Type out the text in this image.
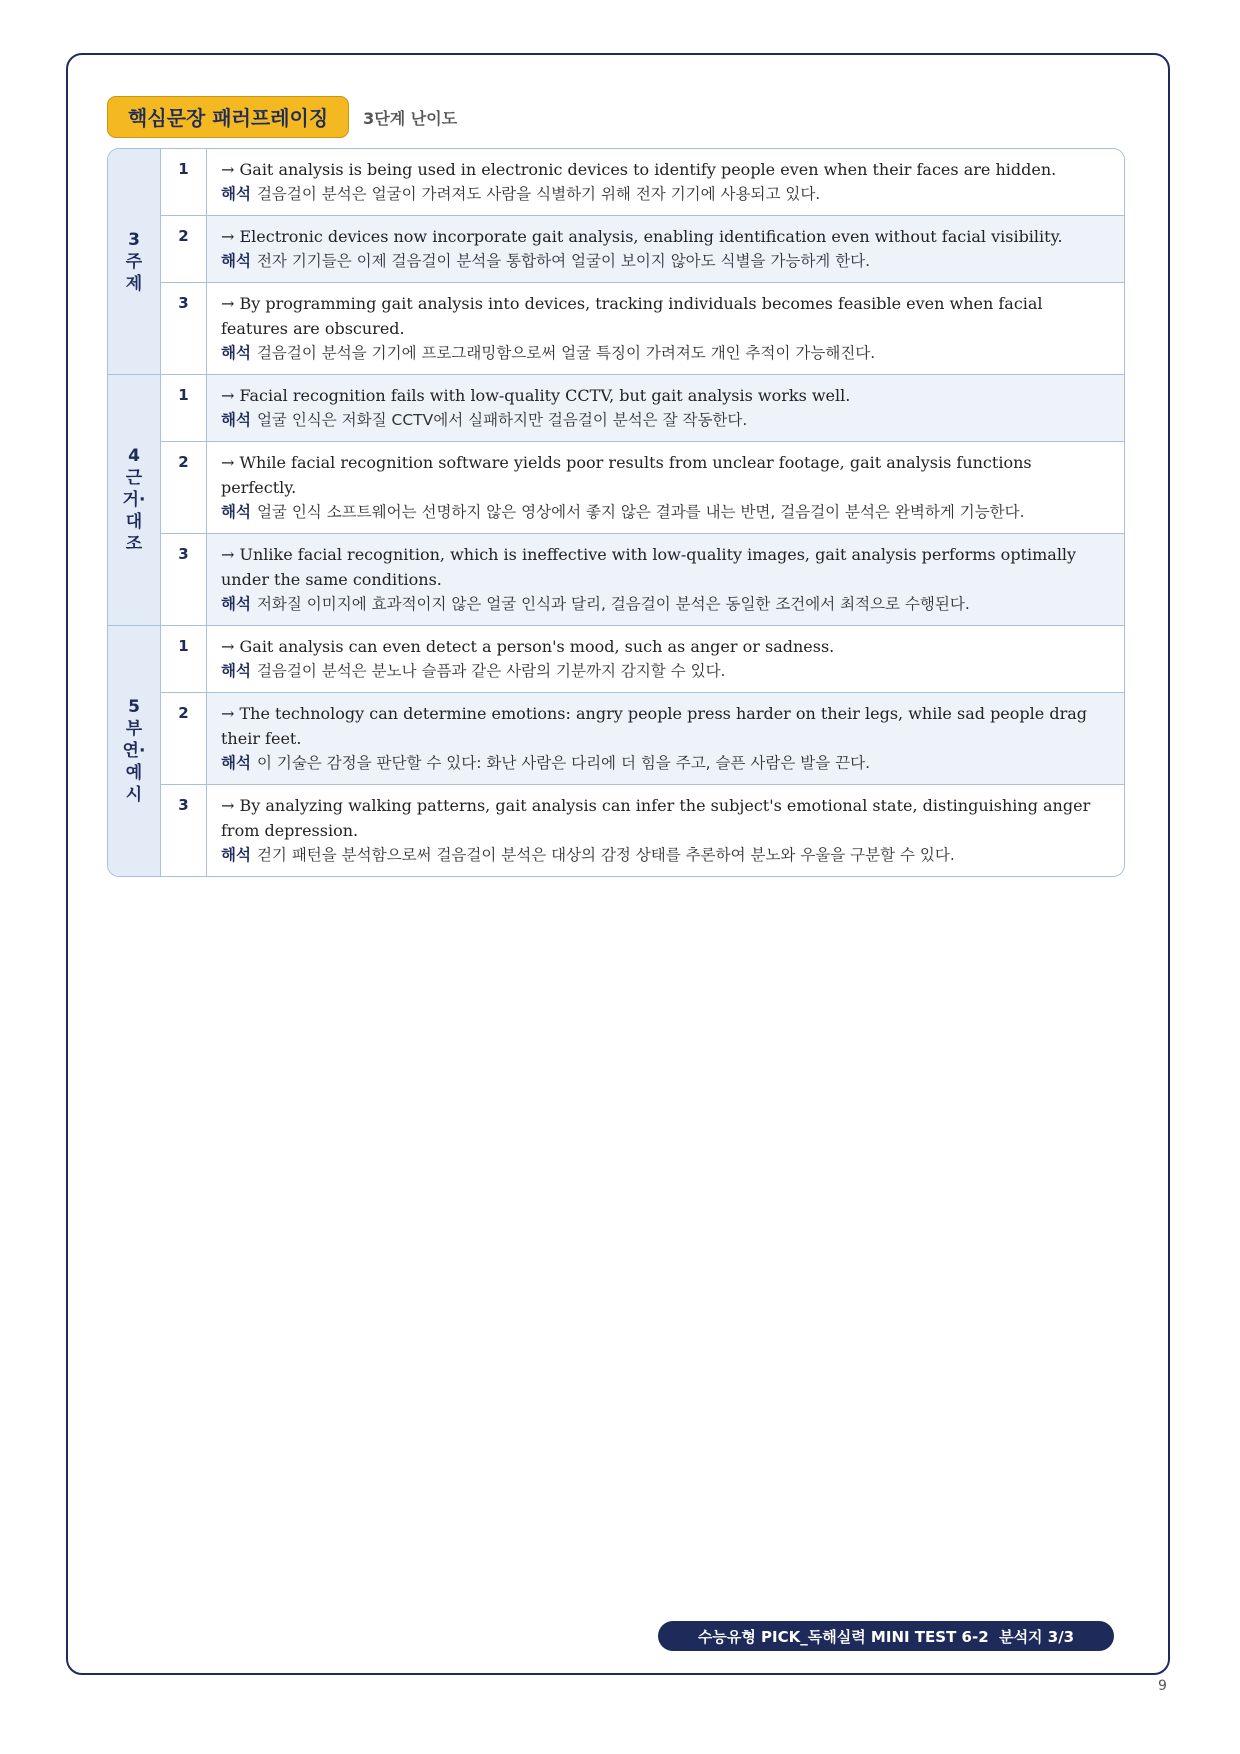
핵심문장 패러프레이징	3단계 난이도
3
주
제
1	→ Gait analysis is being used in electronic devices to identify people even when their faces are hidden.
해석 걸음걸이 분석은 얼굴이 가려져도 사람을 식별하기 위해 전자 기기에 사용되고 있다.
2	→ Electronic devices now incorporate gait analysis, enabling identification even without facial visibility.
해석 전자 기기들은 이제 걸음걸이 분석을 통합하여 얼굴이 보이지 않아도 식별을 가능하게 한다.
3	→ By programming gait analysis into devices, tracking individuals becomes feasible even when facial features are obscured.
해석 걸음걸이 분석을 기기에 프로그래밍함으로써 얼굴 특징이 가려져도 개인 추적이 가능해진다.
4
근
거·
대
조
1	→ Facial recognition fails with low-quality CCTV, but gait analysis works well.
해석 얼굴 인식은 저화질 CCTV에서 실패하지만 걸음걸이 분석은 잘 작동한다.
2	→ While facial recognition software yields poor results from unclear footage, gait analysis functions perfectly.
해석 얼굴 인식 소프트웨어는 선명하지 않은 영상에서 좋지 않은 결과를 내는 반면, 걸음걸이 분석은 완벽하게 기능한다.
3	→ Unlike facial recognition, which is ineffective with low-quality images, gait analysis performs optimally under the same conditions.
해석 저화질 이미지에 효과적이지 않은 얼굴 인식과 달리, 걸음걸이 분석은 동일한 조건에서 최적으로 수행된다.
5
부
연·
예
시
1	→ Gait analysis can even detect a person's mood, such as anger or sadness.
해석 걸음걸이 분석은 분노나 슬픔과 같은 사람의 기분까지 감지할 수 있다.
2	→ The technology can determine emotions: angry people press harder on their legs, while sad people drag their feet.
해석 이 기술은 감정을 판단할 수 있다: 화난 사람은 다리에 더 힘을 주고, 슬픈 사람은 발을 끈다.
3	→ By analyzing walking patterns, gait analysis can infer the subject's emotional state, distinguishing anger from depression.
해석 걷기 패턴을 분석함으로써 걸음걸이 분석은 대상의 감정 상태를 추론하여 분노와 우울을 구분할 수 있다.
수능유형 PICK_독해실력 MINI TEST 6-2  분석지 3/3
9
